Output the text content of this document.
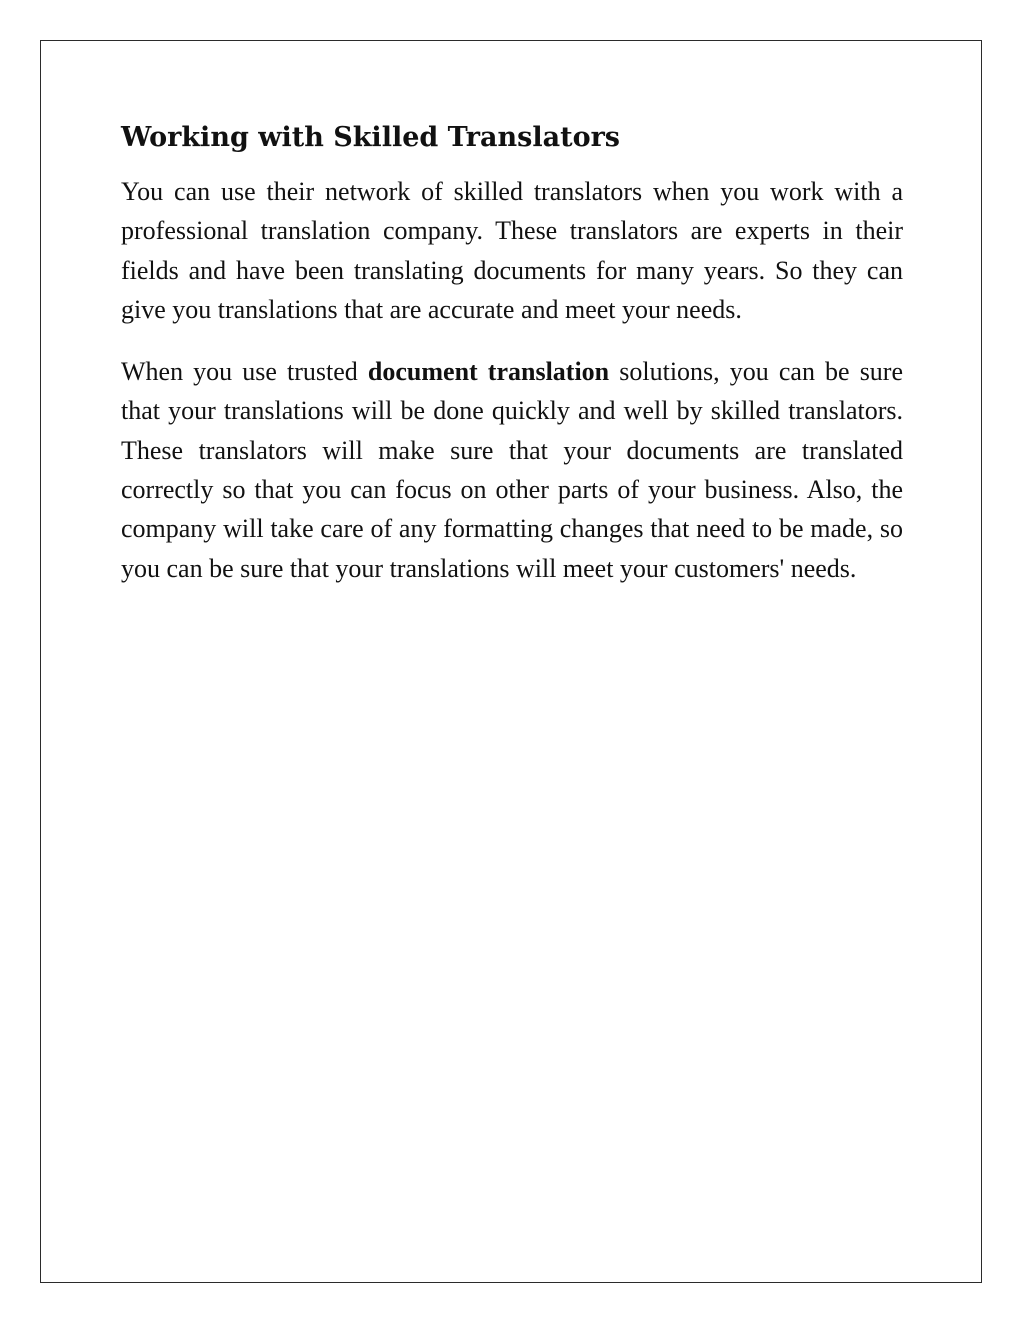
Working with Skilled Translators

You can use their network of skilled translators when you work with a professional translation company. These translators are experts in their fields and have been translating documents for many years. So they can give you translations that are accurate and meet your needs.

When you use trusted document translation solutions, you can be sure that your translations will be done quickly and well by skilled translators. These translators will make sure that your documents are translated correctly so that you can focus on other parts of your business. Also, the company will take care of any formatting changes that need to be made, so you can be sure that your translations will meet your customers' needs.
